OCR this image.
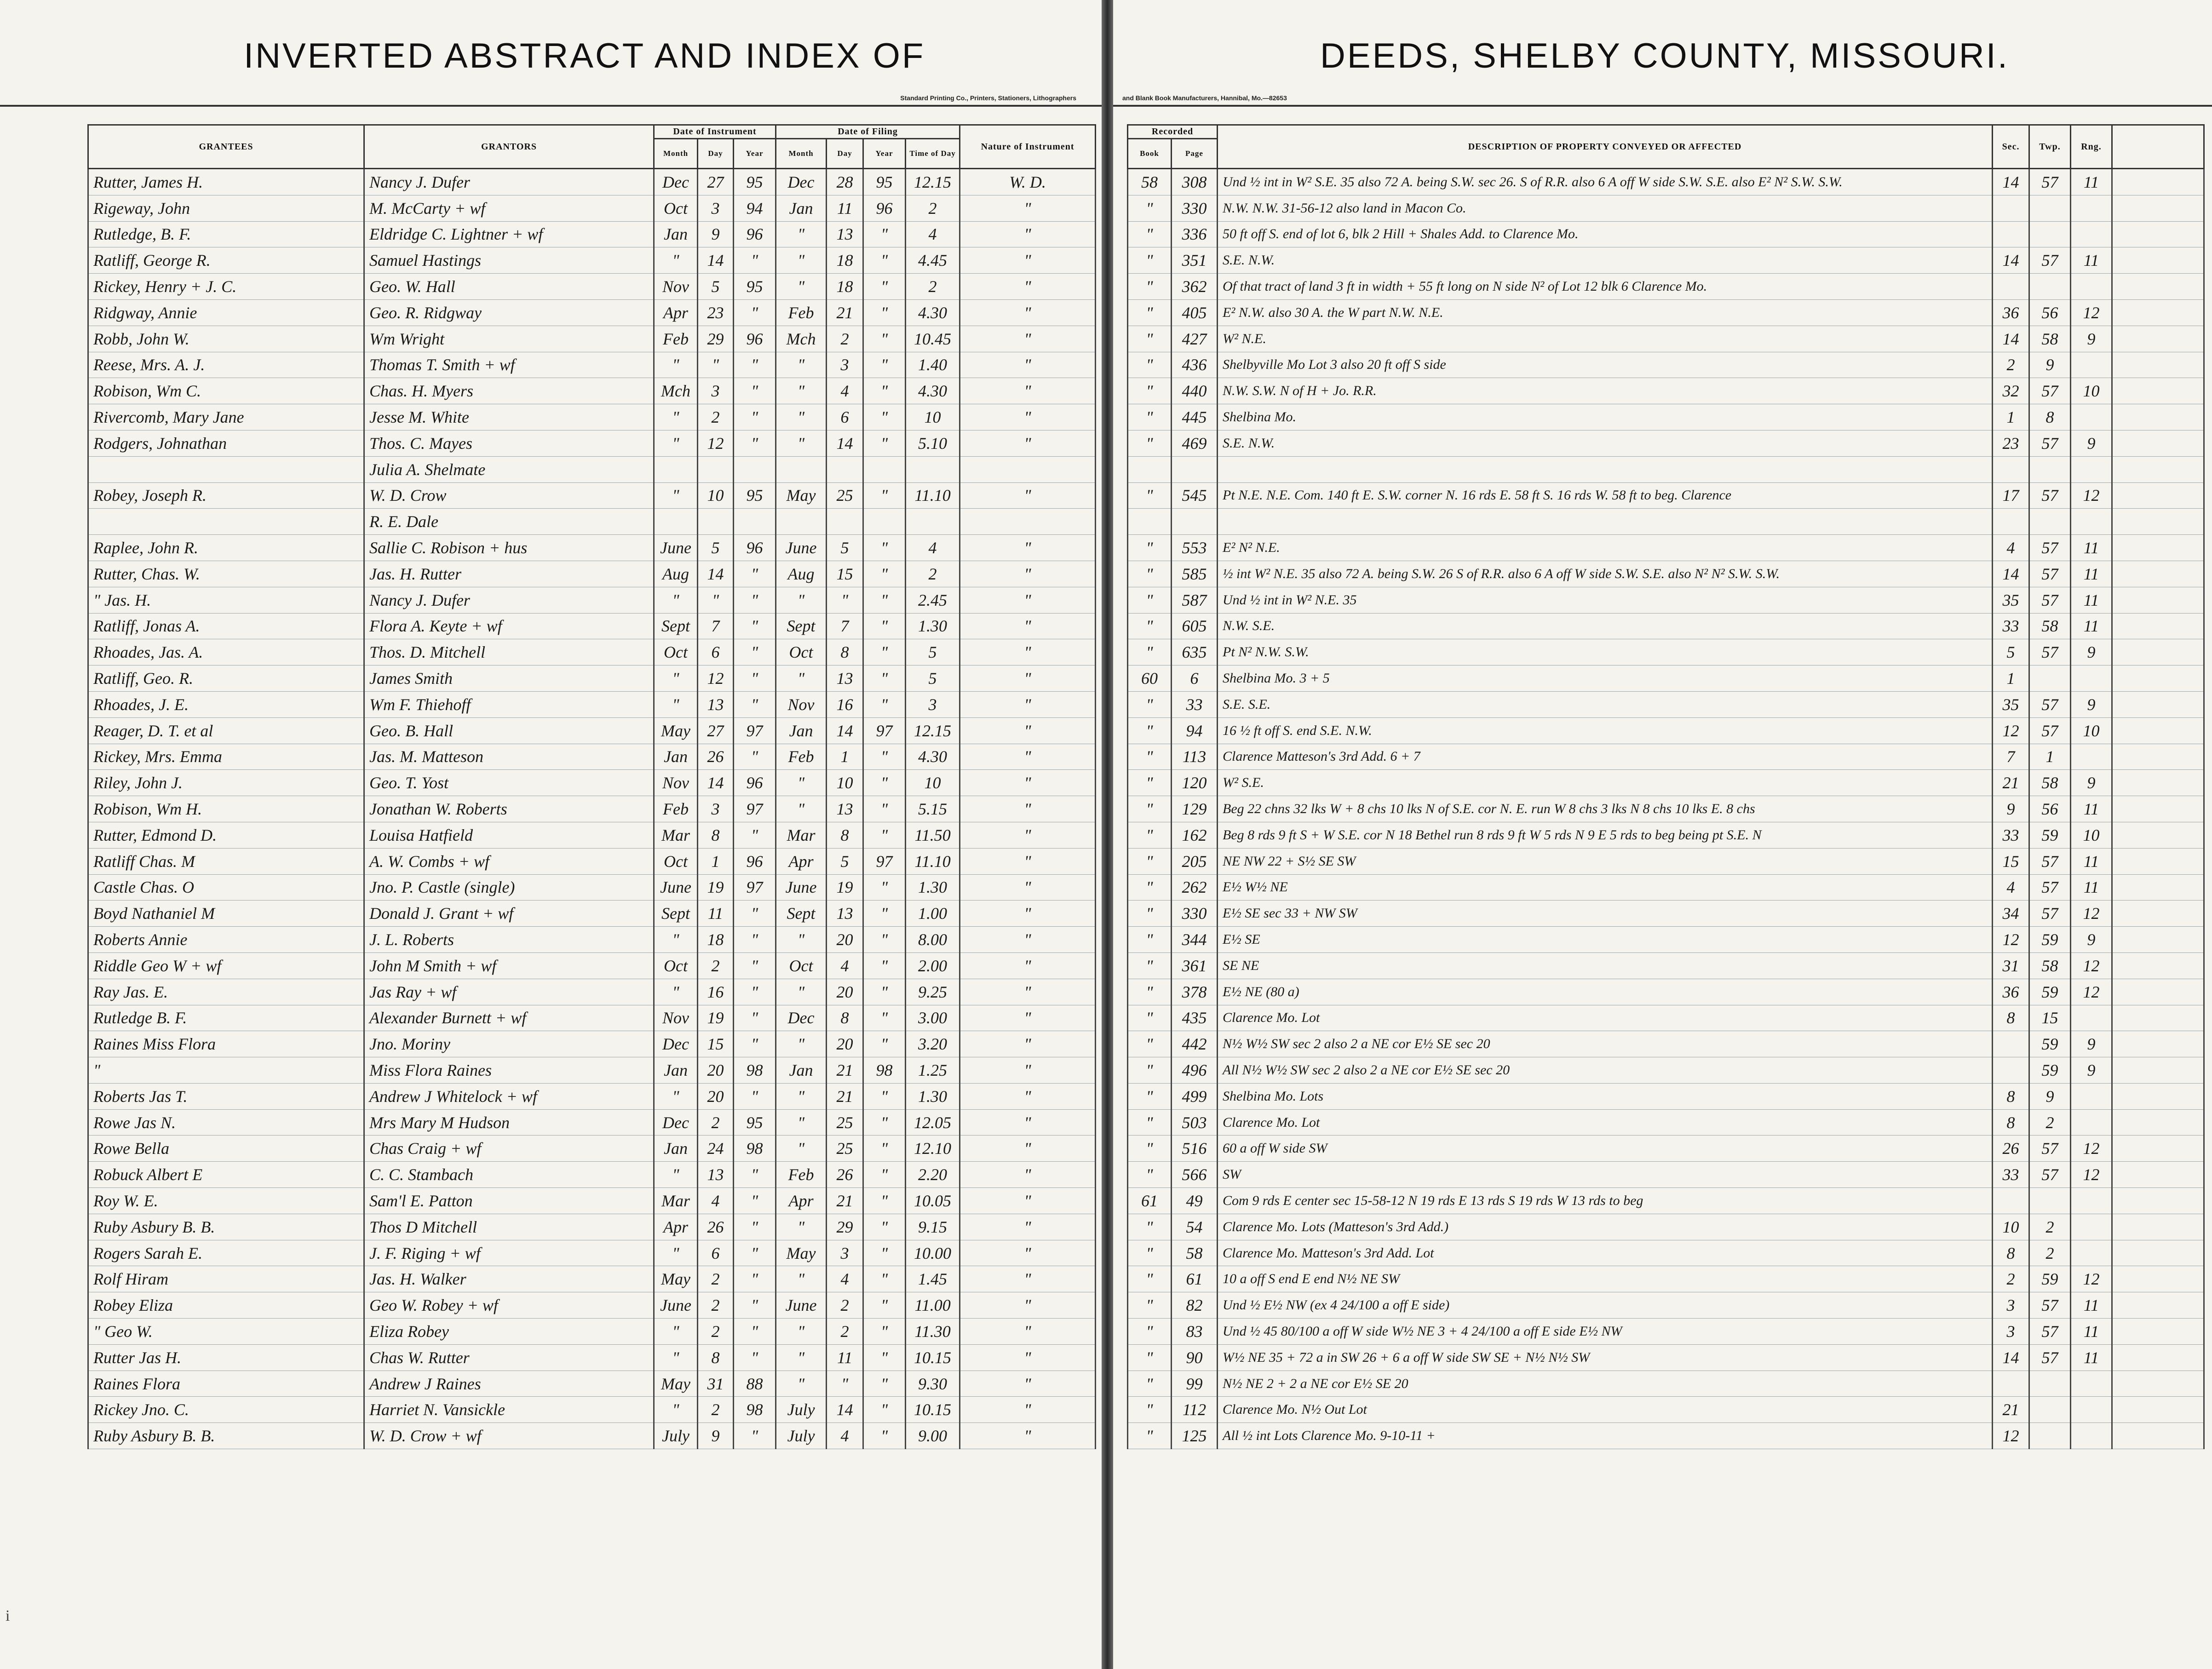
INVERTED ABSTRACT AND INDEX OF
Standard Printing Co., Printers, Stationers, Lithographers
GRANTEES	GRANTORS	Date of Instrument			Date of Filing				Nature of Instrument
		Month	Day	Year	Month	Day	Year	Time of Day	
Rutter, James H.	Nancy J. Dufer	Dec	27	95	Dec	28	95	12.15	W. D.
Rigeway, John	M. McCarty + wf	Oct	3	94	Jan	11	96	2	"
Rutledge, B. F.	Eldridge C. Lightner + wf	Jan	9	96	"	13	"	4	"
Ratliff, George R.	Samuel Hastings	"	14	"	"	18	"	4.45	"
Rickey, Henry + J. C.	Geo. W. Hall	Nov	5	95	"	18	"	2	"
Ridgway, Annie	Geo. R. Ridgway	Apr	23	"	Feb	21	"	4.30	"
Robb, John W.	Wm Wright	Feb	29	96	Mch	2	"	10.45	"
Reese, Mrs. A. J.	Thomas T. Smith + wf	"	"	"	"	3	"	1.40	"
Robison, Wm C.	Chas. H. Myers	Mch	3	"	"	4	"	4.30	"
Rivercomb, Mary Jane	Jesse M. White	"	2	"	"	6	"	10	"
Rodgers, Johnathan	Thos. C. Mayes	"	12	"	"	14	"	5.10	"
	Julia A. Shelmate								
Robey, Joseph R.	W. D. Crow	"	10	95	May	25	"	11.10	"
	R. E. Dale								
Raplee, John R.	Sallie C. Robison + hus	June	5	96	June	5	"	4	"
Rutter, Chas. W.	Jas. H. Rutter	Aug	14	"	Aug	15	"	2	"
" Jas. H.	Nancy J. Dufer	"	"	"	"	"	"	2.45	"
Ratliff, Jonas A.	Flora A. Keyte + wf	Sept	7	"	Sept	7	"	1.30	"
Rhoades, Jas. A.	Thos. D. Mitchell	Oct	6	"	Oct	8	"	5	"
Ratliff, Geo. R.	James Smith	"	12	"	"	13	"	5	"
Rhoades, J. E.	Wm F. Thiehoff	"	13	"	Nov	16	"	3	"
Reager, D. T. et al	Geo. B. Hall	May	27	97	Jan	14	97	12.15	"
Rickey, Mrs. Emma	Jas. M. Matteson	Jan	26	"	Feb	1	"	4.30	"
Riley, John J.	Geo. T. Yost	Nov	14	96	"	10	"	10	"
Robison, Wm H.	Jonathan W. Roberts	Feb	3	97	"	13	"	5.15	"
Rutter, Edmond D.	Louisa Hatfield	Mar	8	"	Mar	8	"	11.50	"
Ratliff Chas. M	A. W. Combs + wf	Oct	1	96	Apr	5	97	11.10	"
Castle Chas. O	Jno. P. Castle (single)	June	19	97	June	19	"	1.30	"
Boyd Nathaniel M	Donald J. Grant + wf	Sept	11	"	Sept	13	"	1.00	"
Roberts Annie	J. L. Roberts	"	18	"	"	20	"	8.00	"
Riddle Geo W + wf	John M Smith + wf	Oct	2	"	Oct	4	"	2.00	"
Ray Jas. E.	Jas Ray + wf	"	16	"	"	20	"	9.25	"
Rutledge B. F.	Alexander Burnett + wf	Nov	19	"	Dec	8	"	3.00	"
Raines Miss Flora	Jno. Moriny	Dec	15	"	"	20	"	3.20	"
"	Miss Flora Raines	Jan	20	98	Jan	21	98	1.25	"
Roberts Jas T.	Andrew J Whitelock + wf	"	20	"	"	21	"	1.30	"
Rowe Jas N.	Mrs Mary M Hudson	Dec	2	95	"	25	"	12.05	"
Rowe Bella	Chas Craig + wf	Jan	24	98	"	25	"	12.10	"
Robuck Albert E	C. C. Stambach	"	13	"	Feb	26	"	2.20	"
Roy W. E.	Sam'l E. Patton	Mar	4	"	Apr	21	"	10.05	"
Ruby Asbury B. B.	Thos D Mitchell	Apr	26	"	"	29	"	9.15	"
Rogers Sarah E.	J. F. Riging + wf	"	6	"	May	3	"	10.00	"
Rolf Hiram	Jas. H. Walker	May	2	"	"	4	"	1.45	"
Robey Eliza	Geo W. Robey + wf	June	2	"	June	2	"	11.00	"
" Geo W.	Eliza Robey	"	2	"	"	2	"	11.30	"
Rutter Jas H.	Chas W. Rutter	"	8	"	"	11	"	10.15	"
Raines Flora	Andrew J Raines	May	31	88	"	"	"	9.30	"
Rickey Jno. C.	Harriet N. Vansickle	"	2	98	July	14	"	10.15	"
Ruby Asbury B. B.	W. D. Crow + wf	July	9	"	July	4	"	9.00	"
i
DEEDS, SHELBY COUNTY, MISSOURI.
and Blank Book Manufacturers, Hannibal, Mo.—82653
Recorded		DESCRIPTION OF PROPERTY CONVEYED OR AFFECTED	Sec.	Twp.	Rng.	
Book	Page					
58	308	Und ½ int in W² S.E. 35 also 72 A. being S.W. sec 26. S of R.R. also 6 A off W side S.W. S.E. also E² N² S.W. S.W.	14	57	11	
"	330	N.W. N.W. 31-56-12 also land in Macon Co.				
"	336	50 ft off S. end of lot 6, blk 2 Hill + Shales Add. to Clarence Mo.				
"	351	S.E. N.W.	14	57	11	
"	362	Of that tract of land 3 ft in width + 55 ft long on N side N² of Lot 12 blk 6 Clarence Mo.				
"	405	E² N.W. also 30 A. the W part N.W. N.E.	36	56	12	
"	427	W² N.E.	14	58	9	
"	436	Shelbyville Mo Lot 3 also 20 ft off S side	2	9		
"	440	N.W. S.W. N of H + Jo. R.R.	32	57	10	
"	445	Shelbina Mo.	1	8		
"	469	S.E. N.W.	23	57	9	

"	545	Pt N.E. N.E. Com. 140 ft E. S.W. corner N. 16 rds E. 58 ft S. 16 rds W. 58 ft to beg. Clarence	17	57	12	

"	553	E² N² N.E.	4	57	11	
"	585	½ int W² N.E. 35 also 72 A. being S.W. 26 S of R.R. also 6 A off W side S.W. S.E. also N² N² S.W. S.W.	14	57	11	
"	587	Und ½ int in W² N.E. 35	35	57	11	
"	605	N.W. S.E.	33	58	11	
"	635	Pt N² N.W. S.W.	5	57	9	
60	6	Shelbina Mo. 3 + 5	1			
"	33	S.E. S.E.	35	57	9	
"	94	16 ½ ft off S. end S.E. N.W.	12	57	10	
"	113	Clarence Matteson's 3rd Add. 6 + 7	7	1		
"	120	W² S.E.	21	58	9	
"	129	Beg 22 chns 32 lks W + 8 chs 10 lks N of S.E. cor N. E. run W 8 chs 3 lks N 8 chs 10 lks E. 8 chs	9	56	11	
"	162	Beg 8 rds 9 ft S + W S.E. cor N 18 Bethel run 8 rds 9 ft W 5 rds N 9 E 5 rds to beg being pt S.E. N	33	59	10	
"	205	NE NW 22 + S½ SE SW	15	57	11	
"	262	E½ W½ NE	4	57	11	
"	330	E½ SE sec 33 + NW SW	34	57	12	
"	344	E½ SE	12	59	9	
"	361	SE NE	31	58	12	
"	378	E½ NE (80 a)	36	59	12	
"	435	Clarence Mo. Lot	8	15		
"	442	N½ W½ SW sec 2 also 2 a NE cor E½ SE sec 20		59	9	
"	496	All N½ W½ SW sec 2 also 2 a NE cor E½ SE sec 20		59	9	
"	499	Shelbina Mo. Lots	8	9		
"	503	Clarence Mo. Lot	8	2		
"	516	60 a off W side SW	26	57	12	
"	566	SW	33	57	12	
61	49	Com 9 rds E center sec 15-58-12 N 19 rds E 13 rds S 19 rds W 13 rds to beg				
"	54	Clarence Mo. Lots (Matteson's 3rd Add.)	10	2		
"	58	Clarence Mo. Matteson's 3rd Add. Lot	8	2		
"	61	10 a off S end E end N½ NE SW	2	59	12	
"	82	Und ½ E½ NW (ex 4 24/100 a off E side)	3	57	11	
"	83	Und ½ 45 80/100 a off W side W½ NE 3 + 4 24/100 a off E side E½ NW	3	57	11	
"	90	W½ NE 35 + 72 a in SW 26 + 6 a off W side SW SE + N½ N½ SW	14	57	11	
"	99	N½ NE 2 + 2 a NE cor E½ SE 20				
"	112	Clarence Mo. N½ Out Lot	21			
"	125	All ½ int Lots Clarence Mo. 9-10-11 +	12			
